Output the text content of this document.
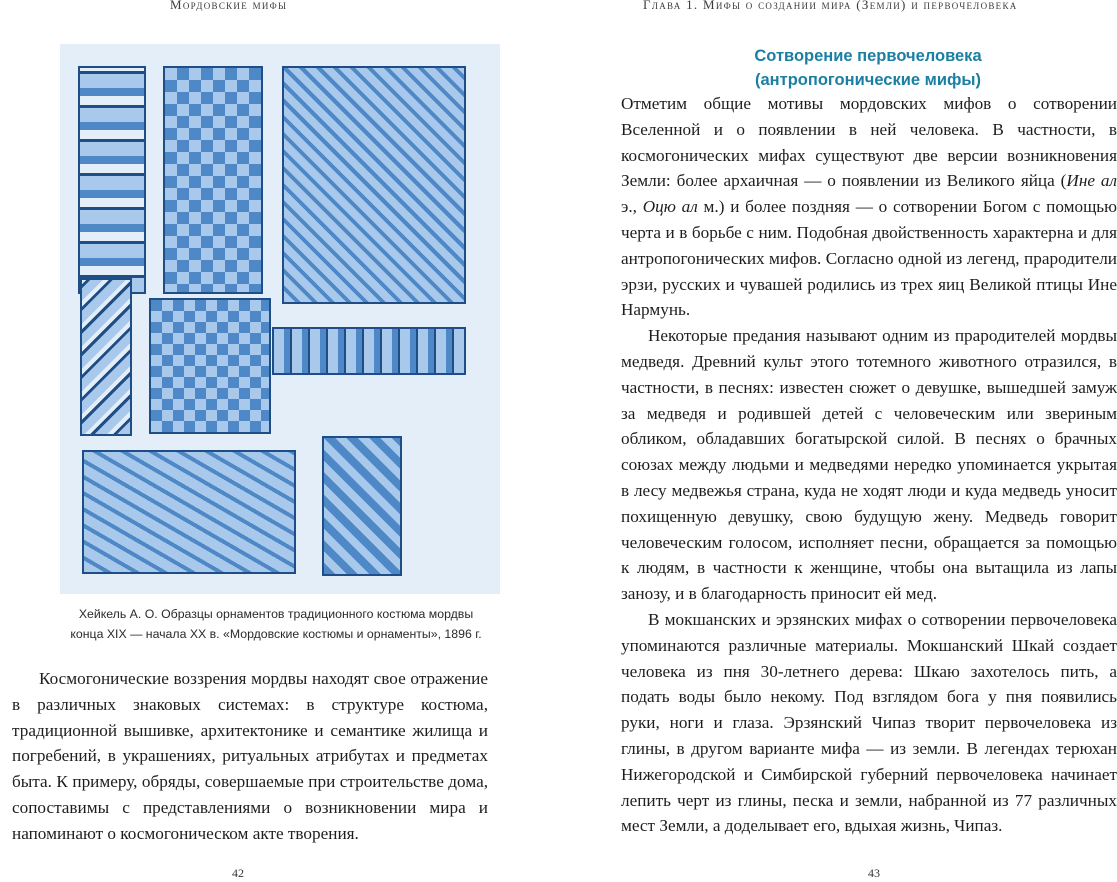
Мордовские мифы
Хейкель А. О. Образцы орнаментов традиционного костюма мордвы
конца XIX — начала XX в. «Мордовские костюмы и орнаменты», 1896 г.

Космогонические воззрения мордвы находят свое отражение в различных знаковых системах: в структуре костюма, традиционной вышивке, архитектонике и семантике жилища и погребений, в украшениях, ритуальных атрибутах и предметах быта. К примеру, обряды, совершаемые при строительстве дома, сопоставимы с представлениями о возникновении мира и напоминают о космогоническом акте творения.

42
Глава 1. Мифы о создании мира (Земли) и первочеловека
Сотворение первочеловека
(антропогонические мифы)

Отметим общие мотивы мордовских мифов о сотворении Вселенной и о появлении в ней человека. В частности, в космогонических мифах существуют две версии возникновения Земли: более архаичная — о появлении из Великого яйца (Ине ал э., Оцю ал м.) и более поздняя — о сотворении Богом с помощью черта и в борьбе с ним. Подобная двойственность характерна и для антропогонических мифов. Согласно одной из легенд, прародители эрзи, русских и чувашей родились из трех яиц Великой птицы Ине Нармунь.

Некоторые предания называют одним из прародителей мордвы медведя. Древний культ этого тотемного животного отразился, в частности, в песнях: известен сюжет о девушке, вышедшей замуж за медведя и родившей детей с человеческим или звериным обликом, обладавших богатырской силой. В песнях о брачных союзах между людьми и медведями нередко упоминается укрытая в лесу медвежья страна, куда не ходят люди и куда медведь уносит похищенную девушку, свою будущую жену. Медведь говорит человеческим голосом, исполняет песни, обращается за помощью к людям, в частности к женщине, чтобы она вытащила из лапы занозу, и в благодарность приносит ей мед.

В мокшанских и эрзянских мифах о сотворении первочеловека упоминаются различные материалы. Мокшанский Шкай создает человека из пня 30-летнего дерева: Шкаю захотелось пить, а подать воды было некому. Под взглядом бога у пня появились руки, ноги и глаза. Эрзянский Чипаз творит первочеловека из глины, в другом варианте мифа — из земли. В легендах терюхан Нижегородской и Симбирской губерний первочеловека начинает лепить черт из глины, песка и земли, набранной из 77 различных мест Земли, а доделывает его, вдыхая жизнь, Чипаз.

43
